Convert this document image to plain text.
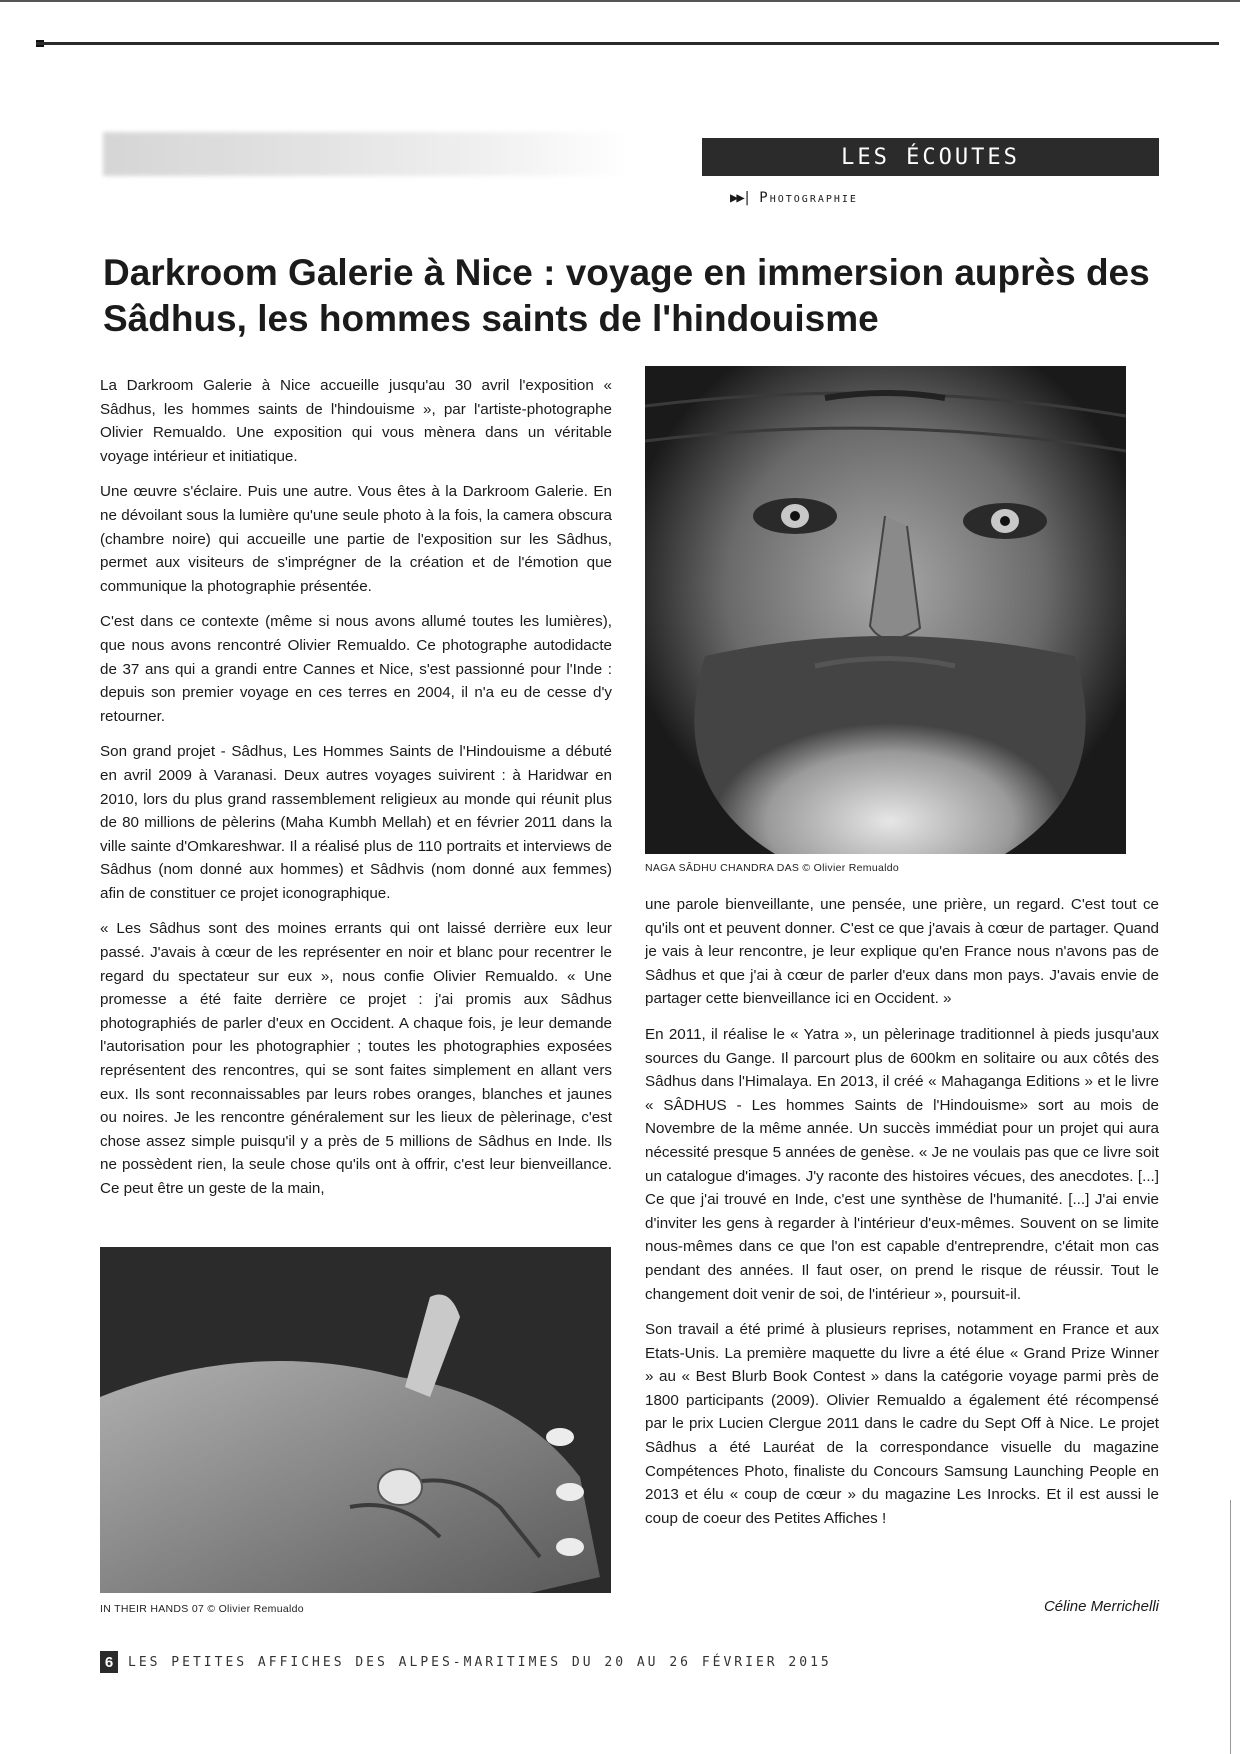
LES ÉCOUTES
▶▶| Photographie
Darkroom Galerie à Nice : voyage en immersion auprès des Sâdhus, les hommes saints de l'hindouisme

La Darkroom Galerie à Nice accueille jusqu'au 30 avril l'exposition « Sâdhus, les hommes saints de l'hindouisme », par l'artiste-photographe Olivier Remualdo. Une exposition qui vous mènera dans un véritable voyage intérieur et initiatique.

Une œuvre s'éclaire. Puis une autre. Vous êtes à la Darkroom Galerie. En ne dévoilant sous la lumière qu'une seule photo à la fois, la camera obscura (chambre noire) qui accueille une partie de l'exposition sur les Sâdhus, permet aux visiteurs de s'imprégner de la création et de l'émotion que communique la photographie présentée.

C'est dans ce contexte (même si nous avons allumé toutes les lumières), que nous avons rencontré Olivier Remualdo. Ce photographe autodidacte de 37 ans qui a grandi entre Cannes et Nice, s'est passionné pour l'Inde : depuis son premier voyage en ces terres en 2004, il n'a eu de cesse d'y retourner.

Son grand projet - Sâdhus, Les Hommes Saints de l'Hindouisme a débuté en avril 2009 à Varanasi. Deux autres voyages suivirent : à Haridwar en 2010, lors du plus grand rassemblement religieux au monde qui réunit plus de 80 millions de pèlerins (Maha Kumbh Mellah) et en février 2011 dans la ville sainte d'Omkareshwar. Il a réalisé plus de 110 portraits et interviews de Sâdhus (nom donné aux hommes) et Sâdhvis (nom donné aux femmes) afin de constituer ce projet iconographique.

« Les Sâdhus sont des moines errants qui ont laissé derrière eux leur passé. J'avais à cœur de les représenter en noir et blanc pour recentrer le regard du spectateur sur eux », nous confie Olivier Remualdo. « Une promesse a été faite derrière ce projet : j'ai promis aux Sâdhus photographiés de parler d'eux en Occident. A chaque fois, je leur demande l'autorisation pour les photographier ; toutes les photographies exposées représentent des rencontres, qui se sont faites simplement en allant vers eux. Ils sont reconnaissables par leurs robes oranges, blanches et jaunes ou noires. Je les rencontre généralement sur les lieux de pèlerinage, c'est chose assez simple puisqu'il y a près de 5 millions de Sâdhus en Inde. Ils ne possèdent rien, la seule chose qu'ils ont à offrir, c'est leur bienveillance. Ce peut être un geste de la main,

NAGA SÂDHU CHANDRA DAS © Olivier Remualdo

une parole bienveillante, une pensée, une prière, un regard. C'est tout ce qu'ils ont et peuvent donner. C'est ce que j'avais à cœur de partager. Quand je vais à leur rencontre, je leur explique qu'en France nous n'avons pas de Sâdhus et que j'ai à cœur de parler d'eux dans mon pays. J'avais envie de partager cette bienveillance ici en Occident. »

En 2011, il réalise le « Yatra », un pèlerinage traditionnel à pieds jusqu'aux sources du Gange. Il parcourt plus de 600km en solitaire ou aux côtés des Sâdhus dans l'Himalaya. En 2013, il créé « Mahaganga Editions » et le livre « SÂDHUS - Les hommes Saints de l'Hindouisme» sort au mois de Novembre de la même année. Un succès immédiat pour un projet qui aura nécessité presque 5 années de genèse. « Je ne voulais pas que ce livre soit un catalogue d'images. J'y raconte des histoires vécues, des anecdotes. [...] Ce que j'ai trouvé en Inde, c'est une synthèse de l'humanité. [...] J'ai envie d'inviter les gens à regarder à l'intérieur d'eux-mêmes. Souvent on se limite nous-mêmes dans ce que l'on est capable d'entreprendre, c'était mon cas pendant des années. Il faut oser, on prend le risque de réussir. Tout le changement doit venir de soi, de l'intérieur », poursuit-il.

Son travail a été primé à plusieurs reprises, notamment en France et aux Etats-Unis. La première maquette du livre a été élue « Grand Prize Winner » au « Best Blurb Book Contest » dans la catégorie voyage parmi près de 1800 participants (2009). Olivier Remualdo a également été récompensé par le prix Lucien Clergue 2011 dans le cadre du Sept Off à Nice. Le projet Sâdhus a été Lauréat de la correspondance visuelle du magazine Compétences Photo, finaliste du Concours Samsung Launching People en 2013 et élu « coup de cœur » du magazine Les Inrocks. Et il est aussi le coup de coeur des Petites Affiches !

IN THEIR HANDS 07 © Olivier Remualdo	Céline Merrichelli
6	LES PETITES AFFICHES DES ALPES-MARITIMES DU 20 AU 26 FÉVRIER 2015
